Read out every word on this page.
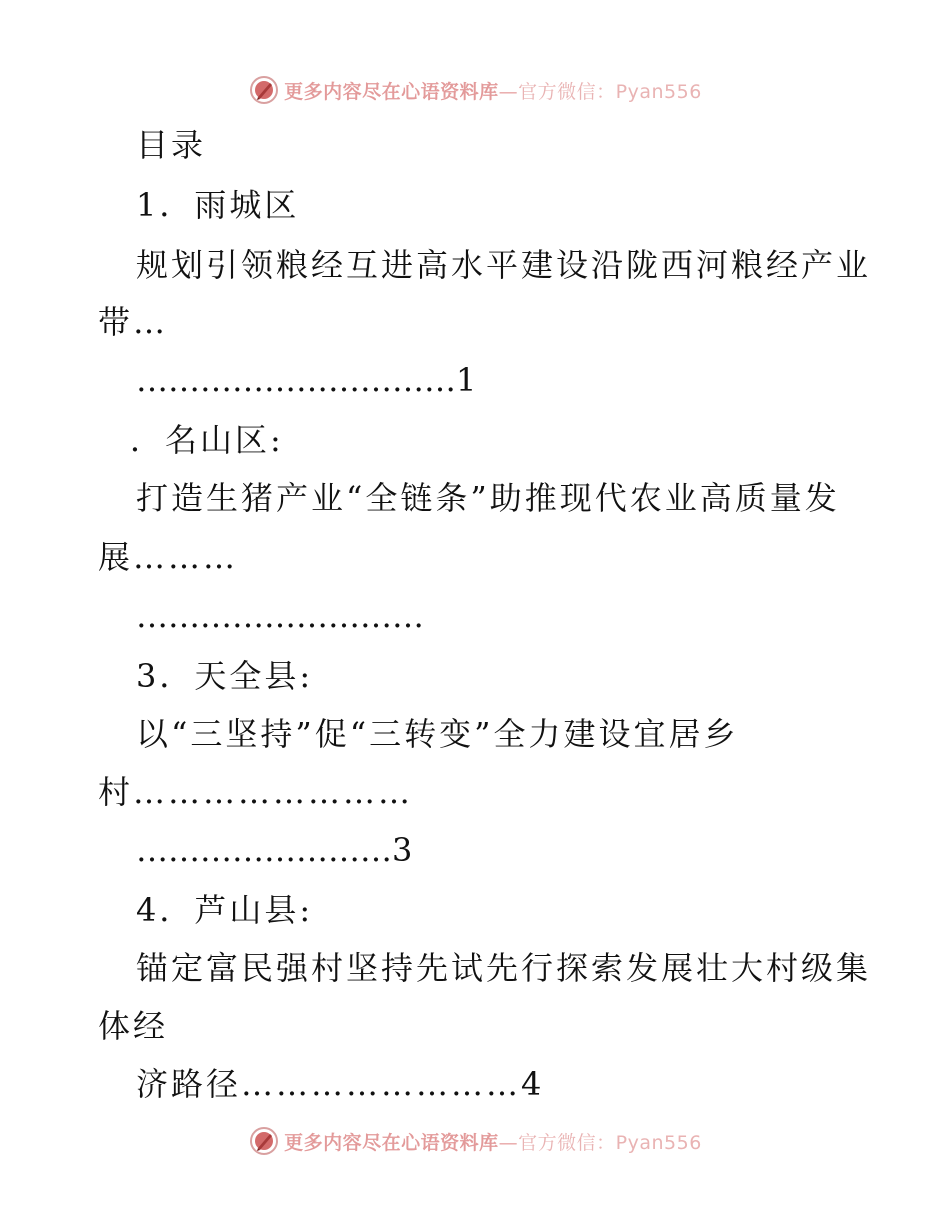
更多内容尽在心语资料库—官方微信：Pyan556
目录
1．雨城区
规划引领粮经互进高水平建设沿陇西河粮经产业
带…
…………………………1
．名山区:
打造生猪产业“全链条”助推现代农业高质量发
展………
………………………
3．天全县:
以“三坚持”促“三转变”全力建设宜居乡
村……………………
……………………3
4．芦山县:
锚定富民强村坚持先试先行探索发展壮大村级集
体经
济路径……………………4
更多内容尽在心语资料库—官方微信：Pyan556
